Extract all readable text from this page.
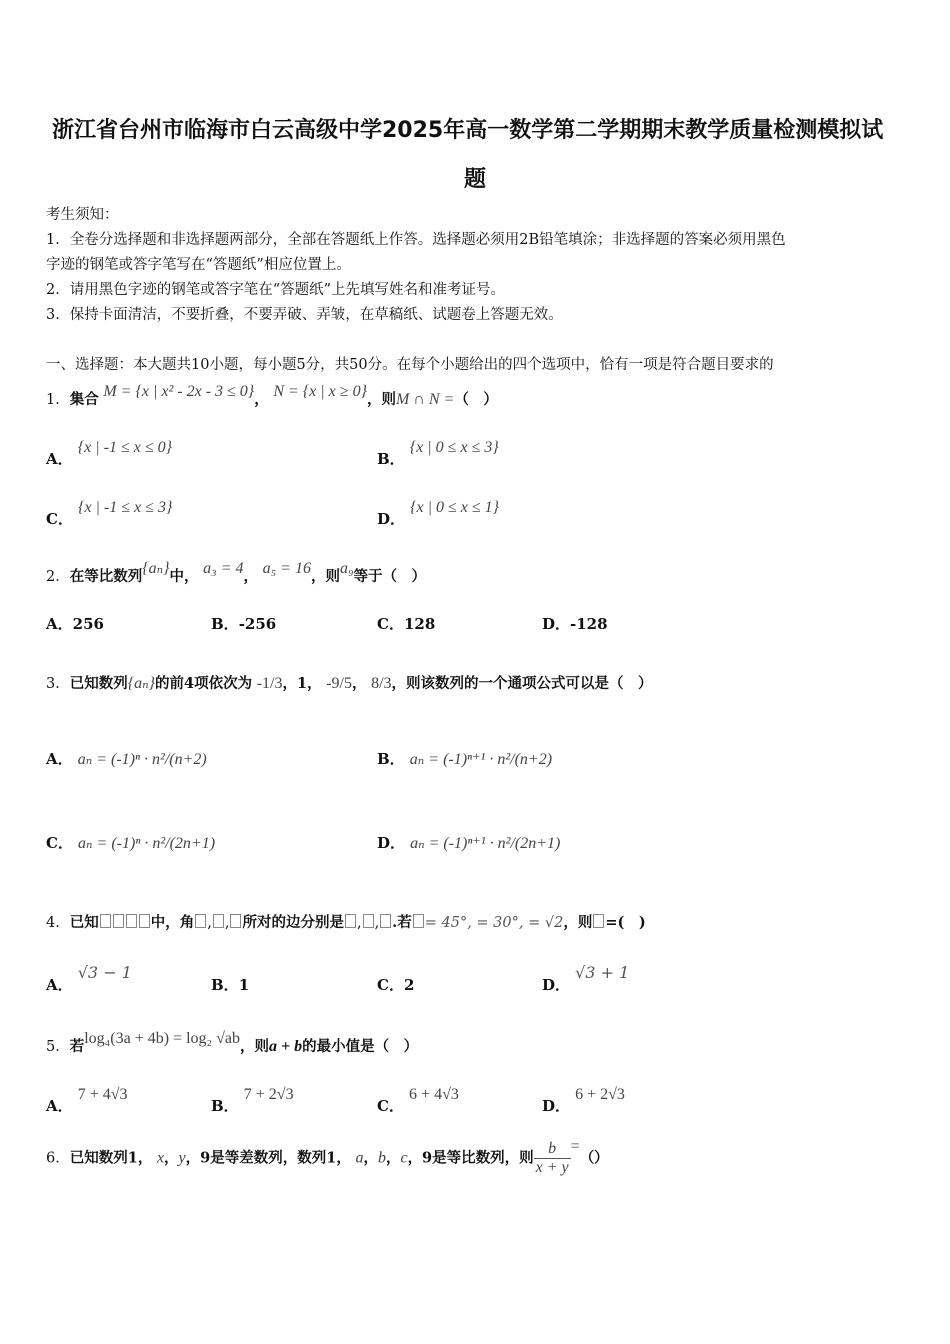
浙江省台州市临海市白云高级中学2025年高一数学第二学期期末教学质量检测模拟试
题
考生须知：
1．全卷分选择题和非选择题两部分，全部在答题纸上作答。选择题必须用2B铅笔填涂；非选择题的答案必须用黑色
字迹的钢笔或答字笔写在“答题纸”相应位置上。
2．请用黑色字迹的钢笔或答字笔在“答题纸”上先填写姓名和准考证号。
3．保持卡面清洁，不要折叠，不要弄破、弄皱，在草稿纸、试题卷上答题无效。
一、选择题：本大题共10小题，每小题5分，共50分。在每个小题给出的四个选项中，恰有一项是符合题目要求的
1．集合 M = {x | x² - 2x - 3 ≤ 0}， N = {x | x ≥ 0}，则M ∩ N =（　）
A． {x | -1 ≤ x ≤ 0}
B． {x | 0 ≤ x ≤ 3}
C． {x | -1 ≤ x ≤ 3}
D． {x | 0 ≤ x ≤ 1}
2．在等比数列{aₙ}中， a₃ = 4， a₅ = 16，则a₉等于（　）
A．256	B．-256	C．128	D．-128
3．已知数列{aₙ}的前4项依次为 -1/3，1， -9/5， 8/3，则该数列的一个通项公式可以是（　）
A． aₙ = (-1)ⁿ · n²/(n+2)	B． aₙ = (-1)ⁿ⁺¹ · n²/(n+2)
C． aₙ = (-1)ⁿ · n²/(2n+1)	D． aₙ = (-1)ⁿ⁺¹ · n²/(2n+1)
4．已知	中，角 , , 所对的边分别是 , , .若 = 45°, = 30°, = √2，则 =(　)
A． √3 − 1
B．1	C．2	D． √3 + 1
5．若log₄(3a + 4b) = log₂ √ab，则a + b的最小值是（　）
A． 7 + 4√3
B． 7 + 2√3
C． 6 + 4√3
D． 6 + 2√3
6．已知数列1， x，y，9是等差数列，数列1， a，b，c，9是等比数列，则 $\frac{b}{x + y}$ =（）
